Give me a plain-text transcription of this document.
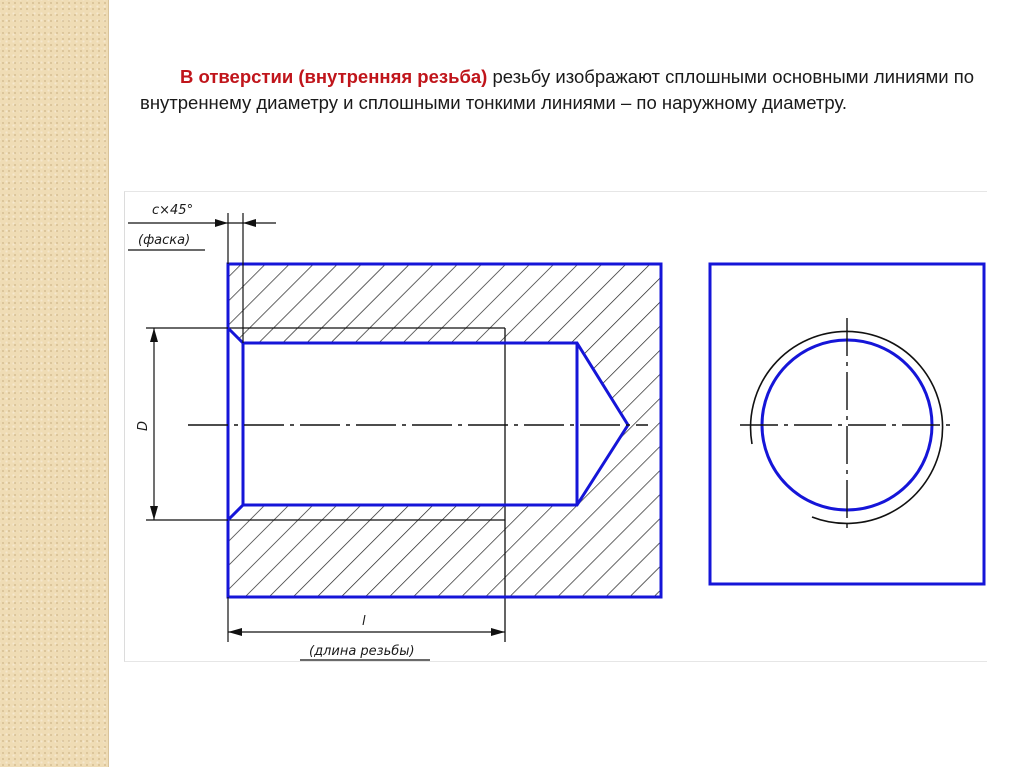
В отверстии (внутренняя резьба) резьбу изображают сплошными основными линиями по внутреннему диаметру и сплошными тонкими линиями – по наружному диаметру.
c×45°
(фаска)
D
l
(длина резьбы)
